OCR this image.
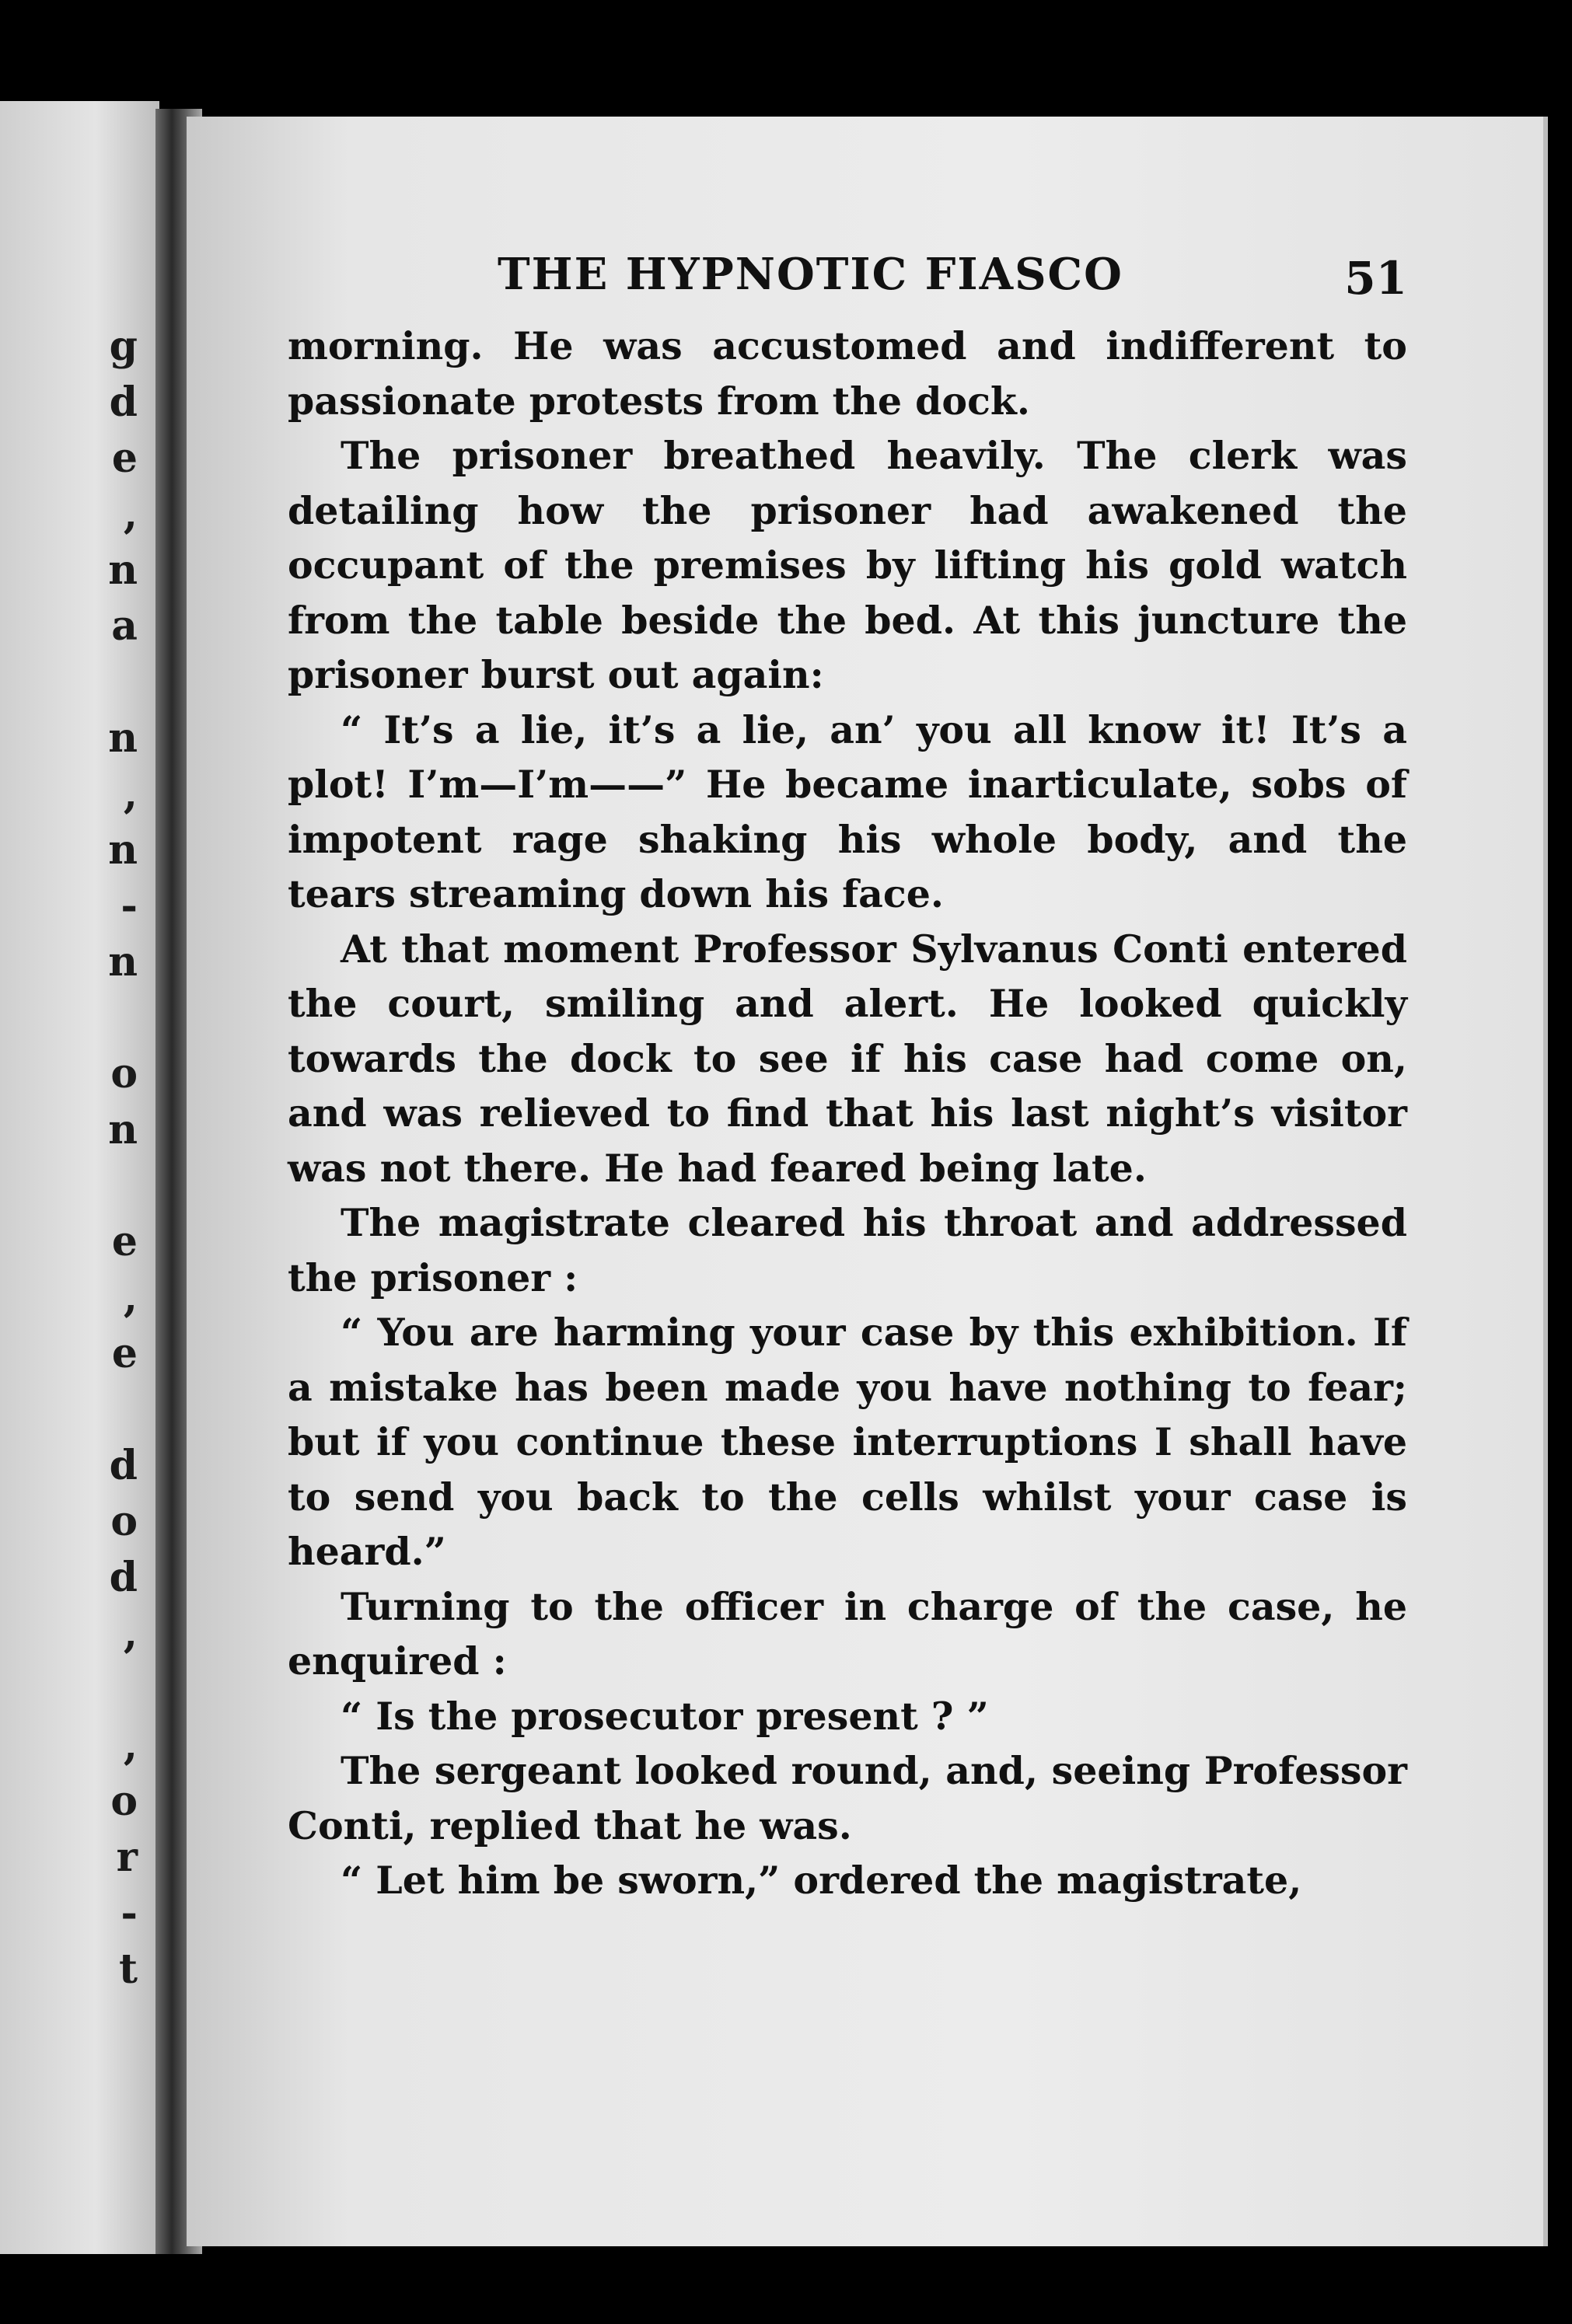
g
d
e
,
n
a

n
,
n
-
n

o
n

e
,
e

d
o
d
,

,
o
r
-
t
THE HYPNOTIC FIASCO	51

morning. He was accustomed and indifferent to passionate protests from the dock.

The prisoner breathed heavily. The clerk was detailing how the prisoner had awakened the occupant of the premises by lifting his gold watch from the table beside the bed. At this juncture the prisoner burst out again:

“ It’s a lie, it’s a lie, an’ you all know it! It’s a plot! I’m—I’m——” He became inarticulate, sobs of impotent rage shaking his whole body, and the tears streaming down his face.

At that moment Professor Sylvanus Conti entered the court, smiling and alert. He looked quickly towards the dock to see if his case had come on, and was relieved to find that his last night’s visitor was not there. He had feared being late.

The magistrate cleared his throat and addressed the prisoner :

“ You are harming your case by this exhibition. If a mistake has been made you have nothing to fear; but if you continue these interruptions I shall have to send you back to the cells whilst your case is heard.”

Turning to the officer in charge of the case, he enquired :

“ Is the prosecutor present ? ”

The sergeant looked round, and, seeing Professor Conti, replied that he was.

“ Let him be sworn,” ordered the magistrate,
